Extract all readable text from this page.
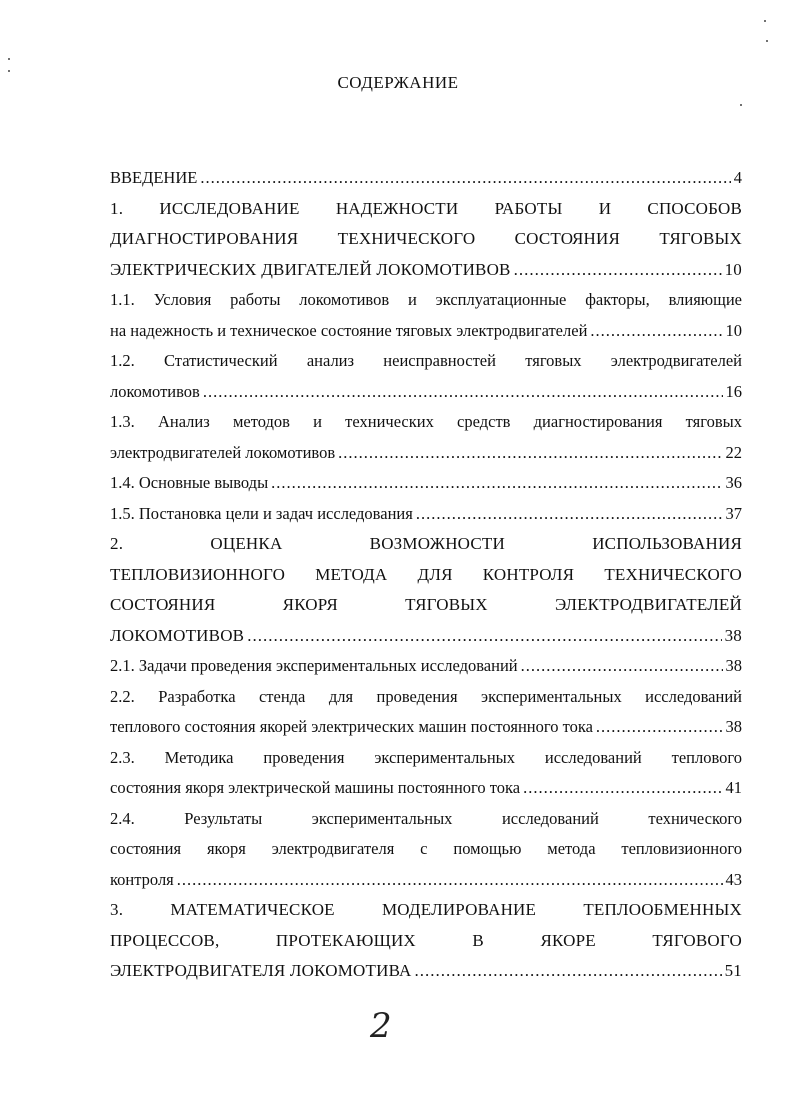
СОДЕРЖАНИЕ
ВВЕДЕНИЕ .....	4
1. ИССЛЕДОВАНИЕ НАДЕЖНОСТИ РАБОТЫ И СПОСОБОВ
ДИАГНОСТИРОВАНИЯ ТЕХНИЧЕСКОГО СОСТОЯНИЯ ТЯГОВЫХ
ЭЛЕКТРИЧЕСКИХ ДВИГАТЕЛЕЙ ЛОКОМОТИВОВ .....	10
1.1. Условия работы локомотивов и эксплуатационные факторы, влияющие
на надежность и техническое состояние тяговых электродвигателей .....	10
1.2. Статистический анализ неисправностей тяговых электродвигателей
локомотивов .....	16
1.3. Анализ методов и технических средств диагностирования тяговых
электродвигателей локомотивов .....	22
1.4. Основные выводы .....	36
1.5. Постановка цели и задач исследования .....	37
2. ОЦЕНКА ВОЗМОЖНОСТИ ИСПОЛЬЗОВАНИЯ
ТЕПЛОВИЗИОННОГО МЕТОДА ДЛЯ КОНТРОЛЯ ТЕХНИЧЕСКОГО
СОСТОЯНИЯ ЯКОРЯ ТЯГОВЫХ ЭЛЕКТРОДВИГАТЕЛЕЙ
ЛОКОМОТИВОВ .....	38
2.1. Задачи проведения экспериментальных исследований .....	38
2.2. Разработка стенда для проведения экспериментальных исследований
теплового состояния якорей электрических машин постоянного тока .....	38
2.3. Методика проведения экспериментальных исследований теплового
состояния якоря электрической машины постоянного тока .....	41
2.4. Результаты экспериментальных исследований технического
состояния якоря электродвигателя с помощью метода тепловизионного
контроля .....	43
3. МАТЕМАТИЧЕСКОЕ МОДЕЛИРОВАНИЕ ТЕПЛООБМЕННЫХ
ПРОЦЕССОВ, ПРОТЕКАЮЩИХ В ЯКОРЕ ТЯГОВОГО
ЭЛЕКТРОДВИГАТЕЛЯ ЛОКОМОТИВА .....	51
2
